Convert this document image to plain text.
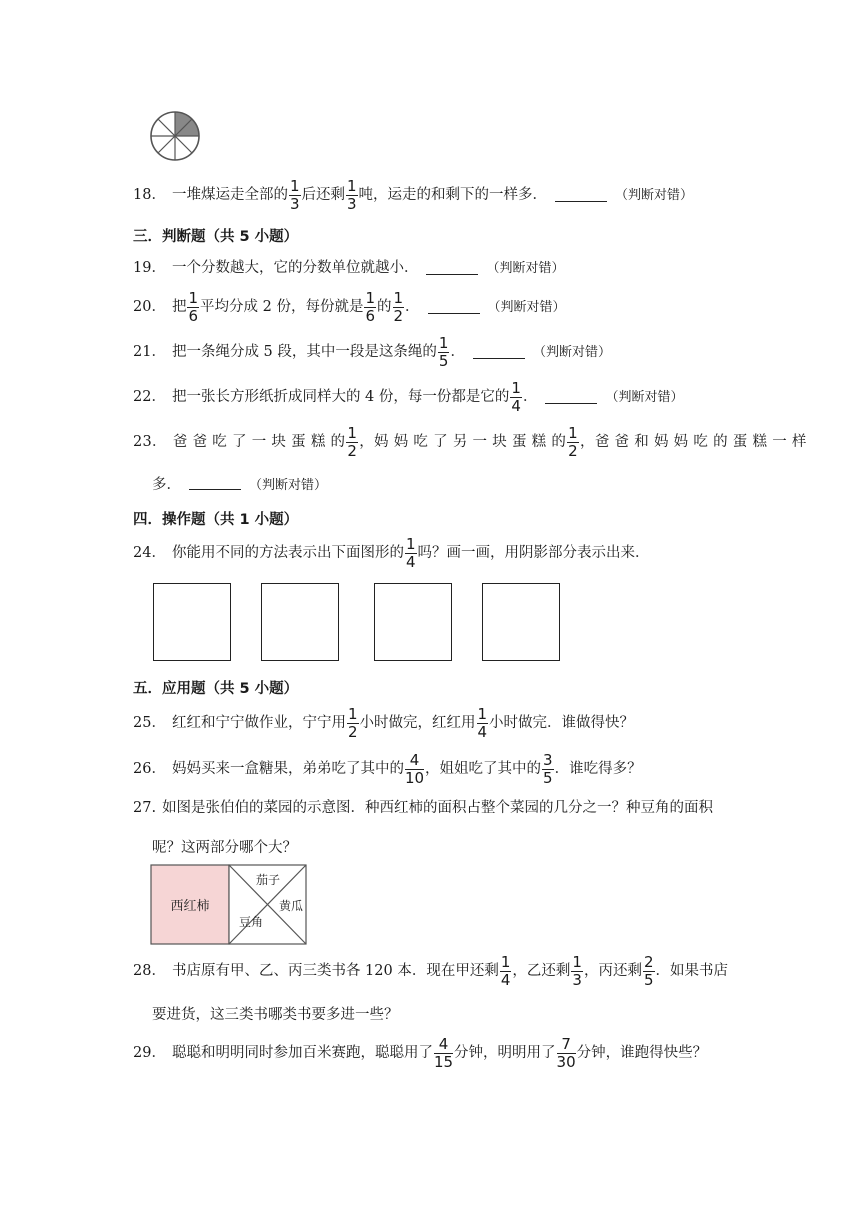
18． 一堆煤运走全部的 $\frac{1}{3}$ 后还剩 $\frac{1}{3}$ 吨，运走的和剩下的一样多．	（判断对错）
三．判断题（共 5 小题）
19． 一个分数越大，它的分数单位就越小．	（判断对错）
20． 把 $\frac{1}{6}$ 平均分成 2 份，每份就是 $\frac{1}{6}$ 的 $\frac{1}{2}$ ．	（判断对错）
21． 把一条绳分成 5 段，其中一段是这条绳的 $\frac{1}{5}$ ．	（判断对错）
22． 把一张长方形纸折成同样大的 4 份，每一份都是它的 $\frac{1}{4}$ ．	（判断对错）
23． 爸 爸 吃 了 一 块 蛋 糕 的 $\frac{1}{2}$ ，妈 妈 吃 了 另 一 块 蛋 糕 的 $\frac{1}{2}$ ，爸 爸 和 妈 妈 吃 的 蛋 糕 一 样
多．	（判断对错）
四．操作题（共 1 小题）
24． 你能用不同的方法表示出下面图形的 $\frac{1}{4}$ 吗？画一画，用阴影部分表示出来．
五．应用题（共 5 小题）
25． 红红和宁宁做作业，宁宁用 $\frac{1}{2}$ 小时做完，红红用 $\frac{1}{4}$ 小时做完．谁做得快？
26． 妈妈买来一盒糖果，弟弟吃了其中的 $\frac{4}{10}$ ，姐姐吃了其中的 $\frac{3}{5}$ ．谁吃得多？
27. 如图是张伯伯的菜园的示意图．种西红柿的面积占整个菜园的几分之一？种豆角的面积
呢？这两部分哪个大？
西红柿
茄子
黄瓜
豆角
28． 书店原有甲、乙、丙三类书各 120 本．现在甲还剩 $\frac{1}{4}$ ，乙还剩 $\frac{1}{3}$ ，丙还剩 $\frac{2}{5}$ ．如果书店
要进货，这三类书哪类书要多进一些？
29． 聪聪和明明同时参加百米赛跑，聪聪用了 $\frac{4}{15}$ 分钟，明明用了 $\frac{7}{30}$ 分钟，谁跑得快些？
